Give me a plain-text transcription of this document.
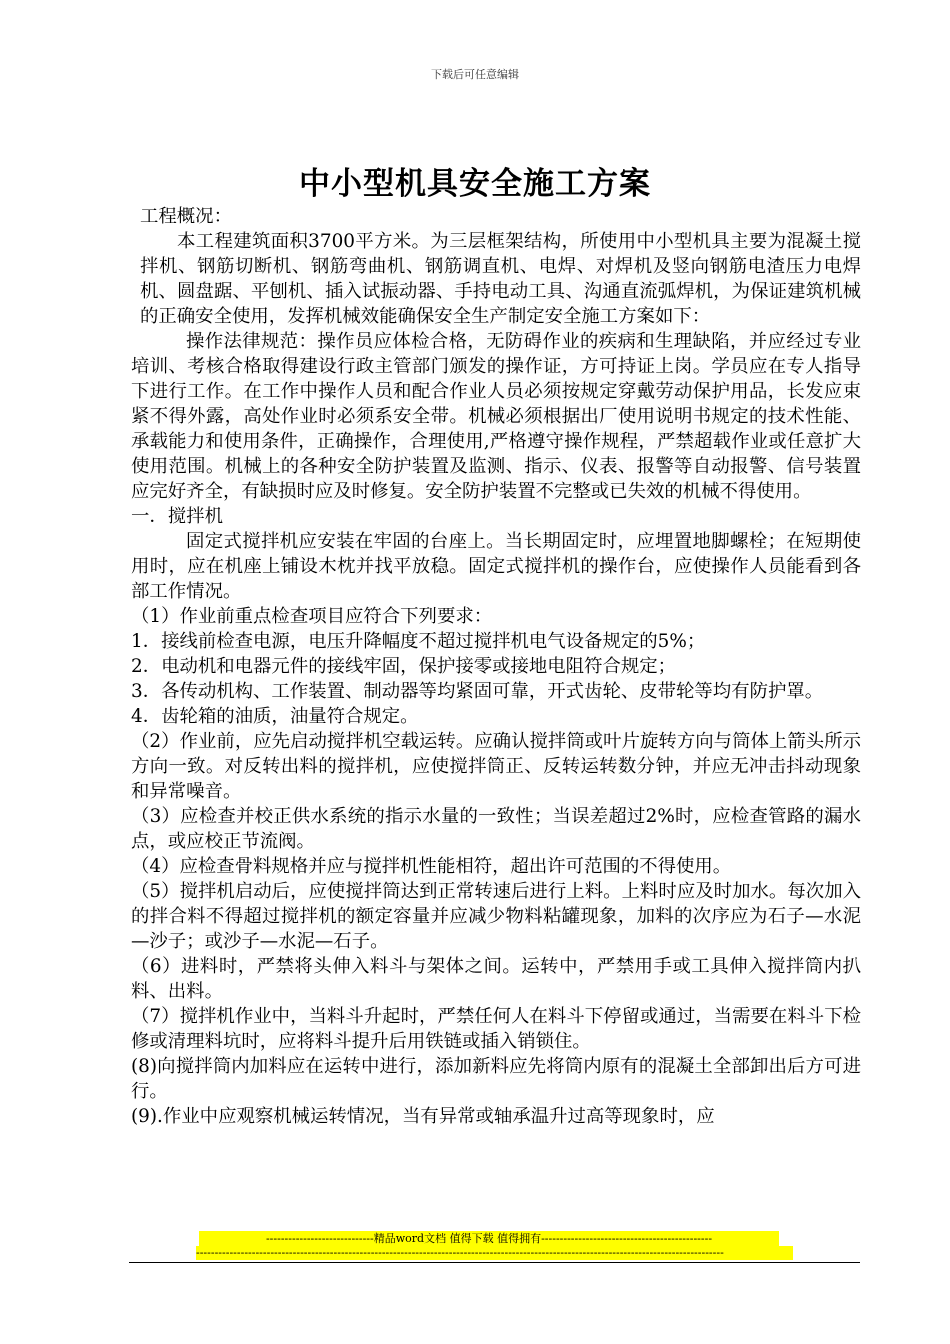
下载后可任意编辑
中小型机具安全施工方案

工程概况：

本工程建筑面积3700平方米。为三层框架结构，所使用中小型机具主要为混凝土搅拌机、钢筋切断机、钢筋弯曲机、钢筋调直机、电焊、对焊机及竖向钢筋电渣压力电焊机、圆盘踞、平刨机、插入试振动器、手持电动工具、沟通直流弧焊机，为保证建筑机械的正确安全使用，发挥机械效能确保安全生产制定安全施工方案如下：

操作法律规范：操作员应体检合格，无防碍作业的疾病和生理缺陷，并应经过专业培训、考核合格取得建设行政主管部门颁发的操作证，方可持证上岗。学员应在专人指导下进行工作。在工作中操作人员和配合作业人员必须按规定穿戴劳动保护用品，长发应束紧不得外露，高处作业时必须系安全带。机械必须根据出厂使用说明书规定的技术性能、承载能力和使用条件，正确操作，合理使用,严格遵守操作规程，严禁超载作业或任意扩大使用范围。机械上的各种安全防护装置及监测、指示、仪表、报警等自动报警、信号装置应完好齐全，有缺损时应及时修复。安全防护装置不完整或已失效的机械不得使用。

一．搅拌机

固定式搅拌机应安装在牢固的台座上。当长期固定时，应埋置地脚螺栓；在短期使用时，应在机座上铺设木枕并找平放稳。固定式搅拌机的操作台，应使操作人员能看到各部工作情况。

（1）作业前重点检查项目应符合下列要求：

1．接线前检查电源，电压升降幅度不超过搅拌机电气设备规定的5%；

2．电动机和电器元件的接线牢固，保护接零或接地电阻符合规定；

3．各传动机构、工作装置、制动器等均紧固可靠，开式齿轮、皮带轮等均有防护罩。

4．齿轮箱的油质，油量符合规定。

（2）作业前，应先启动搅拌机空载运转。应确认搅拌筒或叶片旋转方向与筒体上箭头所示方向一致。对反转出料的搅拌机，应使搅拌筒正、反转运转数分钟，并应无冲击抖动现象和异常噪音。

（3）应检查并校正供水系统的指示水量的一致性；当误差超过2%时，应检查管路的漏水点，或应校正节流阀。

（4）应检查骨料规格并应与搅拌机性能相符，超出许可范围的不得使用。

（5）搅拌机启动后，应使搅拌筒达到正常转速后进行上料。上料时应及时加水。每次加入的拌合料不得超过搅拌机的额定容量并应减少物料粘罐现象，加料的次序应为石子—水泥—沙子；或沙子—水泥—石子。

（6）进料时，严禁将头伸入料斗与架体之间。运转中，严禁用手或工具伸入搅拌筒内扒料、出料。

（7）搅拌机作业中，当料斗升起时，严禁任何人在料斗下停留或通过，当需要在料斗下检修或清理料坑时，应将料斗提升后用铁链或插入销锁住。

(8)向搅拌筒内加料应在运转中进行，添加新料应先将筒内原有的混凝土全部卸出后方可进行。

(9).作业中应观察机械运转情况，当有异常或轴承温升过高等现象时，应

-----------------------------精品word文档 值得下载 值得拥有----------------------------------------------
----------------------------------------------------------------------------------------------------------------------------------------------
